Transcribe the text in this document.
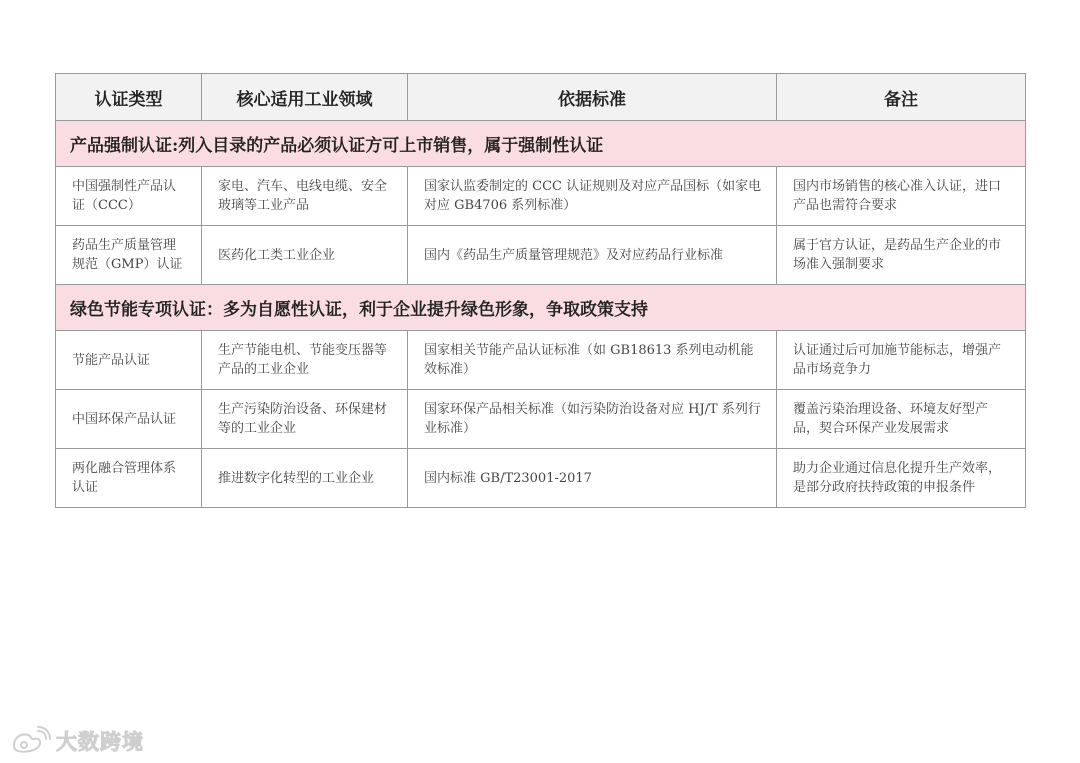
认证类型	核心适用工业领域	依据标准	备注
产品强制认证:列入目录的产品必须认证方可上市销售，属于强制性认证			
中国强制性产品认证（CCC）	家电、汽车、电线电缆、安全玻璃等工业产品	国家认监委制定的 CCC 认证规则及对应产品国标（如家电对应 GB4706 系列标准）	国内市场销售的核心准入认证，进口产品也需符合要求
药品生产质量管理规范（GMP）认证	医药化工类工业企业	国内《药品生产质量管理规范》及对应药品行业标准	属于官方认证，是药品生产企业的市场准入强制要求
绿色节能专项认证：多为自愿性认证，利于企业提升绿色形象，争取政策支持			
节能产品认证	生产节能电机、节能变压器等产品的工业企业	国家相关节能产品认证标准（如 GB18613 系列电动机能效标准）	认证通过后可加施节能标志，增强产品市场竞争力
中国环保产品认证	生产污染防治设备、环保建材等的工业企业	国家环保产品相关标准（如污染防治设备对应 HJ/T 系列行业标准）	覆盖污染治理设备、环境友好型产品，契合环保产业发展需求
两化融合管理体系认证	推进数字化转型的工业企业	国内标准 GB/T23001-2017	助力企业通过信息化提升生产效率，是部分政府扶持政策的申报条件
大数跨境
